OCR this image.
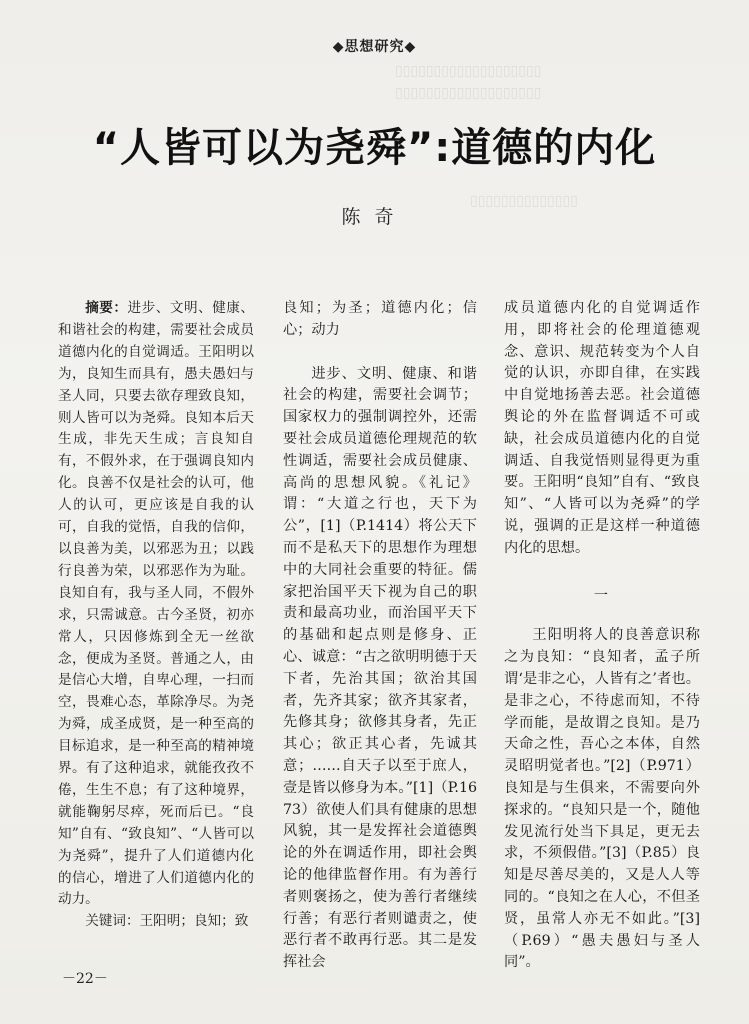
▯▯▯▯▯▯▯▯▯▯▯▯▯▯▯▯▯▯▯
▯▯▯▯▯▯▯▯▯▯▯▯▯▯▯▯▯▯▯
▯▯▯▯▯▯▯▯▯▯▯▯▯▯
◆思想研究◆
“人皆可以为尧舜”:道德的内化
陈奇

摘要：进步、文明、健康、和谐社会的构建，需要社会成员道德内化的自觉调适。王阳明以为，良知生而具有，愚夫愚妇与圣人同，只要去欲存理致良知，则人皆可以为尧舜。良知本后天生成，非先天生成；言良知自有，不假外求，在于强调良知内化。良善不仅是社会的认可，他人的认可，更应该是自我的认可，自我的觉悟，自我的信仰，以良善为美，以邪恶为丑；以践行良善为荣，以邪恶作为为耻。良知自有，我与圣人同，不假外求，只需诚意。古今圣贤，初亦常人，只因修炼到全无一丝欲念，便成为圣贤。普通之人，由是信心大增，自卑心理，一扫而空，畏难心态，革除净尽。为尧为舜，成圣成贤，是一种至高的目标追求，是一种至高的精神境界。有了这种追求，就能孜孜不倦，生生不息；有了这种境界，就能鞠躬尽瘁，死而后已。“良知”自有、“致良知”、“人皆可以为尧舜”，提升了人们道德内化的信心，增进了人们道德内化的动力。

关键词：王阳明；良知；致

良知；为圣；道德内化；信心；动力

进步、文明、健康、和谐社会的构建，需要社会调节；国家权力的强制调控外，还需要社会成员道德伦理规范的软性调适，需要社会成员健康、高尚的思想风貌。《礼记》谓：“大道之行也，天下为公”，[1]（P.1414）将公天下而不是私天下的思想作为理想中的大同社会重要的特征。儒家把治国平天下视为自己的职责和最高功业，而治国平天下的基础和起点则是修身、正心、诚意：“古之欲明明德于天下者，先治其国；欲治其国者，先齐其家；欲齐其家者，先修其身；欲修其身者，先正其心；欲正其心者，先诚其意；……自天子以至于庶人，壹是皆以修身为本。”[1]（P.1673）欲使人们具有健康的思想风貌，其一是发挥社会道德舆论的外在调适作用，即社会舆论的他律监督作用。有为善行者则褒扬之，使为善行者继续行善；有恶行者则谴责之，使恶行者不敢再行恶。其二是发挥社会

成员道德内化的自觉调适作用，即将社会的伦理道德观念、意识、规范转变为个人自觉的认识，亦即自律，在实践中自觉地扬善去恶。社会道德舆论的外在监督调适不可或缺，社会成员道德内化的自觉调适、自我觉悟则显得更为重要。王阳明“良知”自有、“致良知”、“人皆可以为尧舜”的学说，强调的正是这样一种道德内化的思想。

一

王阳明将人的良善意识称之为良知：“良知者，孟子所谓‘是非之心，人皆有之’者也。是非之心，不待虑而知，不待学而能，是故谓之良知。是乃天命之性，吾心之本体，自然灵昭明觉者也。”[2]（P.971）良知是与生俱来，不需要向外探求的。“良知只是一个，随他发见流行处当下具足，更无去求，不须假借。”[3]（P.85）良知是尽善尽美的，又是人人等同的。“良知之在人心，不但圣贤，虽常人亦无不如此。”[3]（P.69）“愚夫愚妇与圣人同”。

－22－
